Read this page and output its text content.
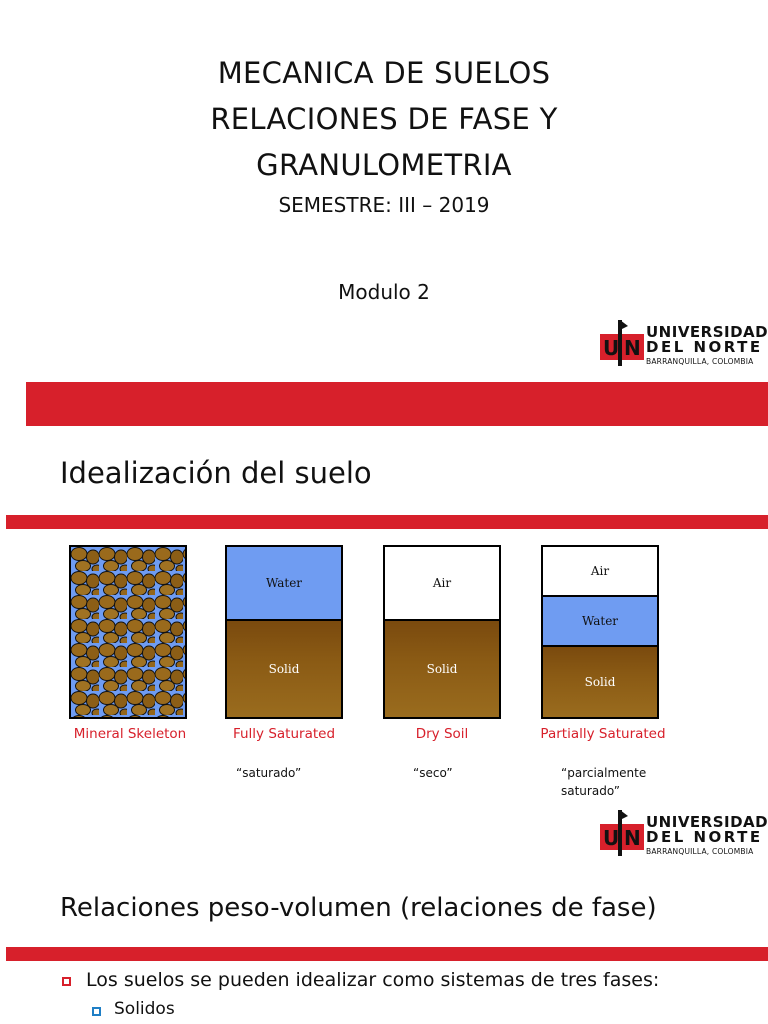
MECANICA DE SUELOS
RELACIONES DE FASE Y
GRANULOMETRIA
SEMESTRE: III – 2019
Modulo 2
U N
UNIVERSIDAD
DEL NORTE
BARRANQUILLA, COLOMBIA
Idealización del suelo
Mineral Skeleton
Water
Solid
Fully Saturated
“saturado”
Air
Solid
Dry Soil
“seco”
Air
Water
Solid
Partially Saturated
“parcialmente
saturado”
U N
UNIVERSIDAD
DEL NORTE
BARRANQUILLA, COLOMBIA
Relaciones peso-volumen (relaciones de fase)
Los suelos se pueden idealizar como sistemas de tres fases:
Solidos
